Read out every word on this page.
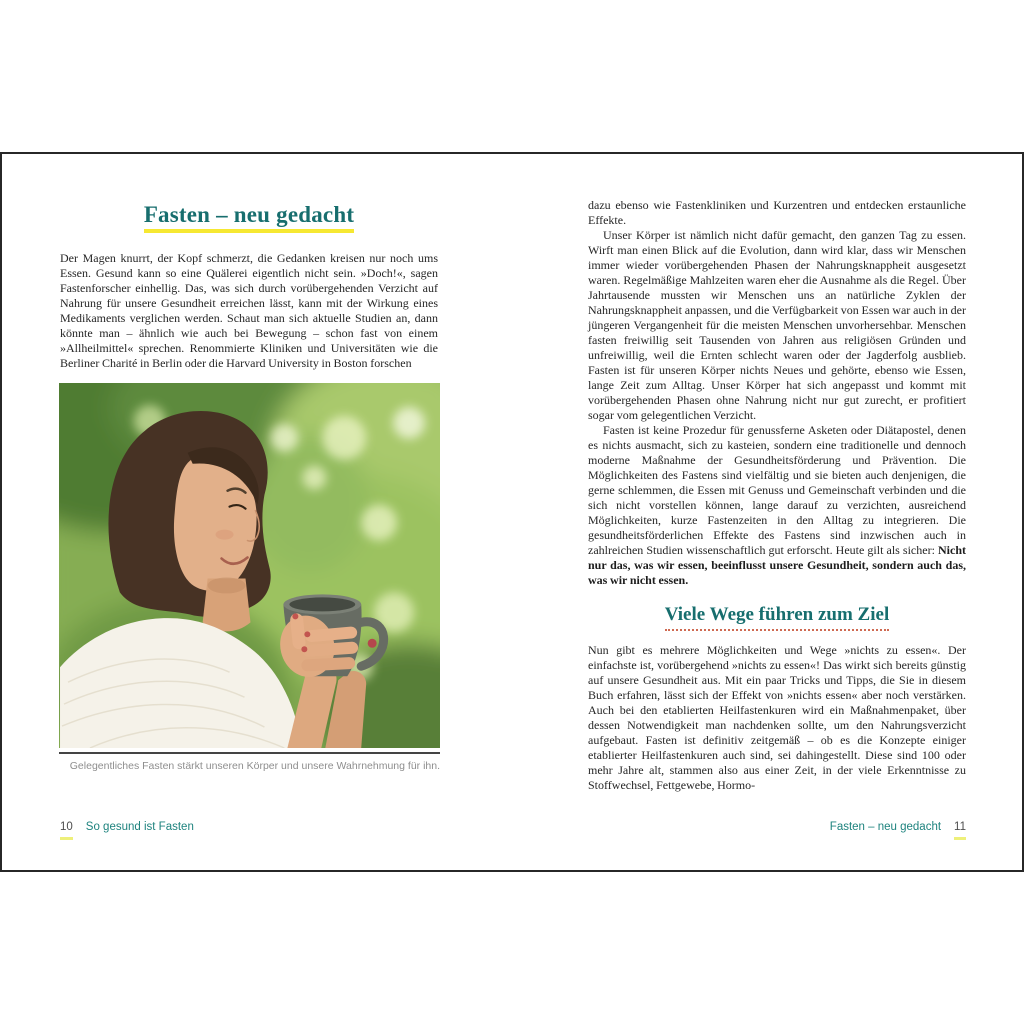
Fasten – neu gedacht

Der Magen knurrt, der Kopf schmerzt, die Gedanken kreisen nur noch ums Essen. Gesund kann so eine Quälerei eigentlich nicht sein. »Doch!«, sagen Fastenforscher einhellig. Das, was sich durch vorübergehenden Verzicht auf Nahrung für unsere Gesundheit erreichen lässt, kann mit der Wirkung eines Medikaments verglichen werden. Schaut man sich aktuelle Studien an, dann könnte man – ähnlich wie auch bei Bewegung – schon fast von einem »Allheilmittel« sprechen. Renommierte Kliniken und Universitäten wie die Berliner Charité in Berlin oder die Harvard University in Boston forschen

Gelegentliches Fasten stärkt unseren Körper und unsere Wahrnehmung für ihn.

dazu ebenso wie Fastenkliniken und Kurzentren und entdecken erstaunliche Effekte.

Unser Körper ist nämlich nicht dafür gemacht, den ganzen Tag zu essen. Wirft man einen Blick auf die Evolution, dann wird klar, dass wir Menschen immer wieder vorübergehenden Phasen der Nahrungsknappheit ausgesetzt waren. Regelmäßige Mahlzeiten waren eher die Ausnahme als die Regel. Über Jahrtausende mussten wir Menschen uns an natürliche Zyklen der Nahrungsknappheit anpassen, und die Verfügbarkeit von Essen war auch in der jüngeren Vergangenheit für die meisten Menschen unvorhersehbar. Menschen fasten freiwillig seit Tausenden von Jahren aus religiösen Gründen und unfreiwillig, weil die Ernten schlecht waren oder der Jagderfolg ausblieb. Fasten ist für unseren Körper nichts Neues und gehörte, ebenso wie Essen, lange Zeit zum Alltag. Unser Körper hat sich angepasst und kommt mit vorübergehenden Phasen ohne Nahrung nicht nur gut zurecht, er profitiert sogar vom gelegentlichen Verzicht.

Fasten ist keine Prozedur für genussferne Asketen oder Diätapostel, denen es nichts ausmacht, sich zu kasteien, sondern eine traditionelle und dennoch moderne Maßnahme der Gesundheitsförderung und Prävention. Die Möglichkeiten des Fastens sind vielfältig und sie bieten auch denjenigen, die gerne schlemmen, die Essen mit Genuss und Gemeinschaft verbinden und die sich nicht vorstellen können, lange darauf zu verzichten, ausreichend Möglichkeiten, kurze Fastenzeiten in den Alltag zu integrieren. Die gesundheitsförderlichen Effekte des Fastens sind inzwischen auch in zahlreichen Studien wissenschaftlich gut erforscht. Heute gilt als sicher: Nicht nur das, was wir essen, beeinflusst unsere Gesundheit, sondern auch das, was wir nicht essen.

Viele Wege führen zum Ziel

Nun gibt es mehrere Möglichkeiten und Wege »nichts zu essen«. Der einfachste ist, vorübergehend »nichts zu essen«! Das wirkt sich bereits günstig auf unsere Gesundheit aus. Mit ein paar Tricks und Tipps, die Sie in diesem Buch erfahren, lässt sich der Effekt von »nichts essen« aber noch verstärken. Auch bei den etablierten Heilfastenkuren wird ein Maßnahmenpaket, über dessen Notwendigkeit man nachdenken sollte, um den Nahrungsverzicht aufgebaut. Fasten ist definitiv zeitgemäß – ob es die Konzepte einiger etablierter Heilfastenkuren auch sind, sei dahingestellt. Diese sind 100 oder mehr Jahre alt, stammen also aus einer Zeit, in der viele Erkenntnisse zu Stoffwechsel, Fettgewebe, Hormo-

10 So gesund ist Fasten	Fasten – neu gedacht 11
